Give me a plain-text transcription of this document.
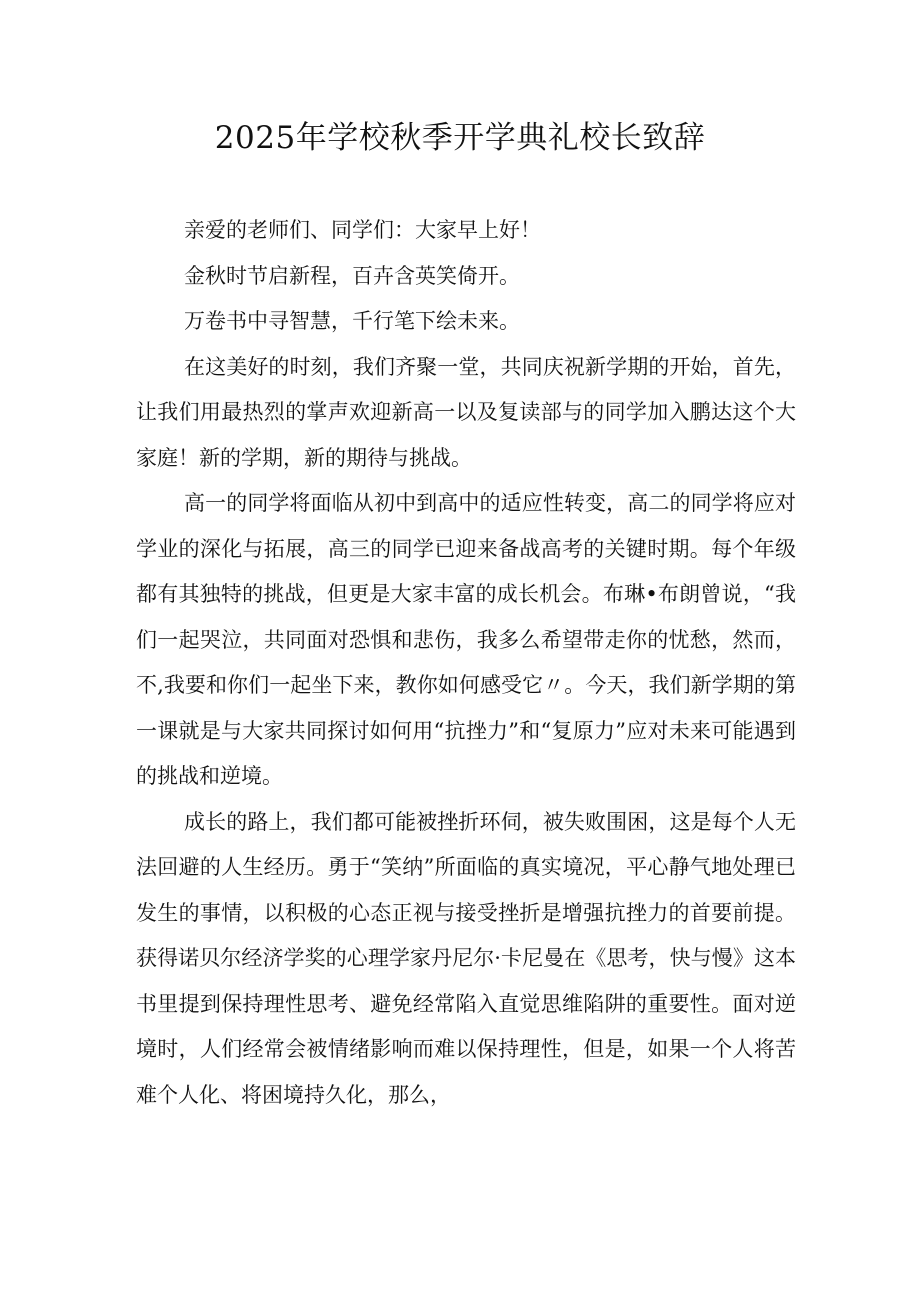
2025年学校秋季开学典礼校长致辞

亲爱的老师们、同学们：大家早上好！

金秋时节启新程，百卉含英笑倚开。

万卷书中寻智慧，千行笔下绘未来。

在这美好的时刻，我们齐聚一堂，共同庆祝新学期的开始，首先，让我们用最热烈的掌声欢迎新高一以及复读部与的同学加入鹏达这个大家庭！新的学期，新的期待与挑战。

高一的同学将面临从初中到高中的适应性转变，高二的同学将应对学业的深化与拓展，高三的同学已迎来备战高考的关键时期。每个年级都有其独特的挑战，但更是大家丰富的成长机会。布琳•布朗曾说，“我们一起哭泣，共同面对恐惧和悲伤，我多么希望带走你的忧愁，然而，不,我要和你们一起坐下来，教你如何感受它〃。今天，我们新学期的第一课就是与大家共同探讨如何用“抗挫力”和“复原力”应对未来可能遇到的挑战和逆境。

成长的路上，我们都可能被挫折环伺，被失败围困，这是每个人无法回避的人生经历。勇于“笑纳”所面临的真实境况，平心静气地处理已发生的事情，以积极的心态正视与接受挫折是增强抗挫力的首要前提。获得诺贝尔经济学奖的心理学家丹尼尔·卡尼曼在《思考，快与慢》这本书里提到保持理性思考、避免经常陷入直觉思维陷阱的重要性。面对逆境时，人们经常会被情绪影响而难以保持理性，但是，如果一个人将苦难个人化、将困境持久化，那么，
